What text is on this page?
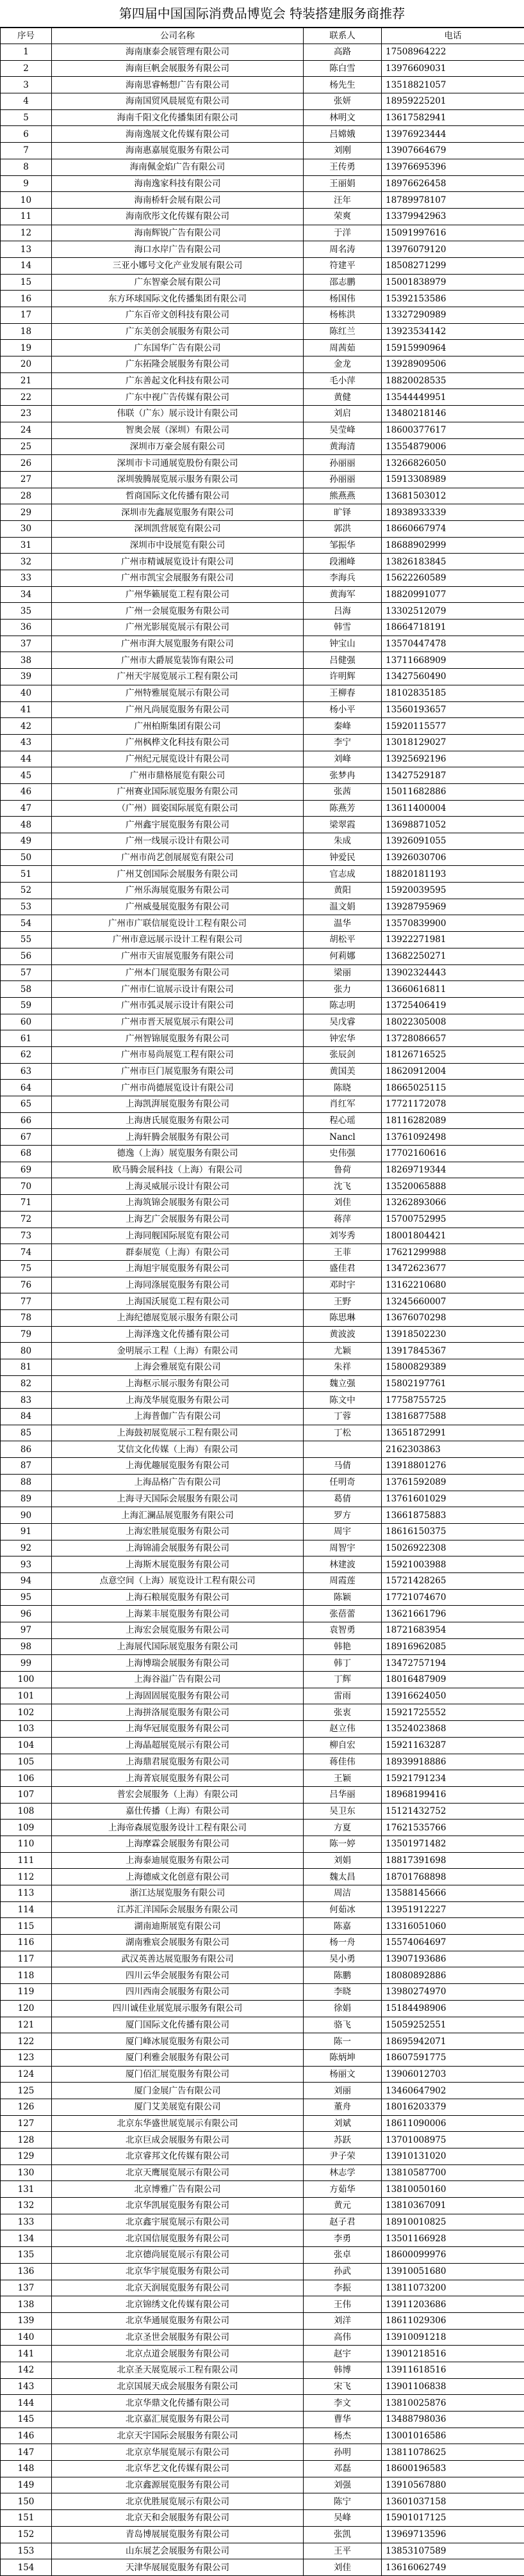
第四届中国国际消费品博览会 特装搭建服务商推荐
序号	公司名称	联系人	电话
1	海南康泰会展管理有限公司	高路	17508964222
2	海南巨帆会展服务有限公司	陈白雪	13976609031
3	海南思睿畅想广告有限公司	杨先生	13518821057
4	海南国贸风晨展览有限公司	张妍	18959225201
5	海南千阳文化传播集团有限公司	林明文	13617582941
6	海南逸展文化传媒有限公司	吕嫦娥	13976923444
7	海南惠嘉展览服务有限公司	刘刚	13907664679
8	海南佩金焰广告有限公司	王传勇	13976695396
9	海南逸家科技有限公司	王丽娟	18976626458
10	海南桥轩会展有限公司	汪年	18789978107
11	海南欣彤文化传媒有限公司	荣爽	13379942963
12	海南辉锐广告有限公司	于洋	15091997616
13	海口水岸广告有限公司	周名涛	13976079120
14	三亚小娜号文化产业发展有限公司	符建平	18508271299
15	广东智豪会展有限公司	邵志鹏	15001838979
16	东方环球国际文化传播集团有限公司	杨国伟	15392153586
17	广东百帝文创科技有限公司	杨栋洪	13327290989
18	广东美创会展服务有限公司	陈红兰	13923534142
19	广东国华广告有限公司	周茜茹	15915990964
20	广东拓隆会展服务有限公司	金龙	13928909506
21	广东善起文化科技有限公司	毛小萍	18820028535
22	广东中视广告传媒有限公司	黄健	13544449951
23	伟联（广东）展示设计有限公司	刘启	13480218146
24	智奥会展（深圳）有限公司	吴莹峰	18600377617
25	深圳市万豪会展有限公司	黄海清	13554879006
26	深圳市卡司通展览股份有限公司	孙丽丽	13266826050
27	深圳骏腾展览展示服务有限公司	孙丽丽	15913308989
28	哲商国际文化传播有限公司	熊燕燕	13681503012
29	深圳市先鑫展览服务有限公司	旷铎	18938933339
30	深圳凯营展览有限公司	郭洪	18660667974
31	深圳市中设展览有限公司	邹振华	18688902999
32	广州市精诚展览设计有限公司	段湘峰	13826183845
33	广州市凯宝会展服务有限公司	李海兵	15622260589
34	广州华籁展览工程有限公司	黄海军	18820991077
35	广州一会展览服务有限公司	吕海	13302512079
36	广州光影展览展示有限公司	韩雪	18664718191
37	广州市湃大展览服务有限公司	钟宝山	13570447478
38	广州市大爵展览装饰有限公司	吕健强	13711668909
39	广州天宇展览展示工程有限公司	许明辉	13427560490
40	广州特雅展览展示有限公司	王柳春	18102835185
41	广州凡尚展览服务有限公司	杨小平	13560193657
42	广州柏斯集团有限公司	秦峰	15920115577
43	广州枫桦文化科技有限公司	李宁	13018129027
44	广州纪元展览设计有限公司	刘峰	13925692196
45	广州市鼎格展览有限公司	张梦冉	13427529187
46	广州赛业国际展览服务有限公司	张茜	15011682886
47	（广州）圆姿国际展览有限公司	陈燕芳	13611400004
48	广州鑫宇展览服务有限公司	梁翠霞	13698871052
49	广州一线展示设计有限公司	朱成	13926091055
50	广州市尚艺创展展览有限公司	钟爱民	13926030706
51	广州艾创国际会展服务有限公司	官志成	18820181193
52	广州乐海展览服务有限公司	黄阳	15920039595
53	广州威曼展览服务有限公司	温文娟	13928795969
54	广州市广联信展览设计工程有限公司	温华	13570839900
55	广州市意远展示设计工程有限公司	胡松平	13922271981
56	广州市天宙展览服务有限公司	何莉娜	13682250271
57	广州本门展览服务有限公司	梁丽	13902324443
58	广州市仁谊展示设计有限公司	张力	13660616811
59	广州市弧灵展示设计有限公司	陈志明	13725406419
60	广州市晋天展览展示有限公司	吴戊睿	18022305008
61	广州智锦展览服务有限公司	钟宏华	13728086657
62	广州市易尚展览工程有限公司	张辰剑	18126716525
63	广州市巨门展览服务有限公司	黄国美	18620912004
64	广州市尚德展览设计有限公司	陈晓	18665025115
65	上海凯湃展览服务有限公司	肖红军	17721172078
66	上海唐氏展览服务有限公司	程心瑶	18116282089
67	上海轩腾会展服务有限公司	Nancl	13761092498
68	德逸（上海）展览服务有限公司	史伟强	17702160616
69	欧马腾会展科技（上海）有限公司	鲁荷	18269719344
70	上海灵威展示设计有限公司	沈飞	13520065888
71	上海筑锦会展服务有限公司	刘佳	13262893066
72	上海艺广会展服务有限公司	蒋萍	15700752995
73	上海同舰国际展览有限公司	刘岑秀	18001804421
74	群泰展览（上海）有限公司	王菲	17621299988
75	上海旭宇展览服务有限公司	盛佳君	13472623677
76	上海同涤展览服务有限公司	邓时宇	13162210680
77	上海国沃展览工程有限公司	王野	13245660007
78	上海纪德展览展示服务有限公司	陈思琳	13676070298
79	上海泽逸文化传播有限公司	黄波波	13918502230
80	金明展示工程（上海）有限公司	尤颖	13917845367
81	上海会雅展览有限公司	朱祥	15800829389
82	上海枢示展示服务有限公司	魏立强	15802197761
83	上海茂华展览服务有限公司	陈文中	17758755725
84	上海普伽广告有限公司	丁蓉	13816877588
85	上海鼓初展览展示工程有限公司	丁松	13651872991
86	艾信文化传媒（上海）有限公司		2162303863
87	上海优趣展览服务有限公司	马倩	13918801276
88	上海品格广告有限公司	任明奇	13761592089
89	上海寻天国际会展服务有限公司	葛倩	13761601029
90	上海汇澜品展览服务有限公司	罗方	13661875883
91	上海宏胜展览服务有限公司	周宇	18616150375
92	上海锦浦会展服务有限公司	周智宇	15026922308
93	上海斯木展览服务有限公司	林建波	15921003988
94	点意空间（上海）展览设计工程有限公司	周霞莲	15721428265
95	上海石粮展览服务有限公司	陈颖	17721074670
96	上海莱丰展览服务有限公司	张蓓蕾	13621661796
97	上海宏会展览服务有限公司	袁智勇	18721683954
98	上海展代国际展览服务有限公司	韩艳	18916962085
99	上海博瑞会展服务有限公司	韩丁	13472757194
100	上海谷溢广告有限公司	丁辉	18016487909
101	上海固固展览服务有限公司	雷雨	13916624050
102	上海拼洛展览服务有限公司	张衷	15921725552
103	上海华冠展览服务有限公司	赵立伟	13524023868
104	上海晶超展览展示有限公司	柳自宏	15921163287
105	上海鼎君展览服务有限公司	蒋佳伟	18939918886
106	上海菁宸展览服务有限公司	王颖	15921791234
107	普宏会展服务（上海）有限公司	吕华丽	18968199416
108	嘉仕传播（上海）有限公司	吴卫东	15121432752
109	上海帝森展览服务设计工程有限公司	方夏	17621535766
110	上海摩霖会展服务有限公司	陈一婷	13501971482
111	上海泰迪展览服务有限公司	刘娟	18817391698
112	上海德威文化创意有限公司	魏太昌	18701768898
113	浙江达展览服务有限公司	周洁	13588145666
114	江苏汇洋国际会展服务有限公司	何茹冰	13951912227
115	湖南迪斯展览有限公司	陈嘉	13316051060
116	湖南雅宸会展服务有限公司	杨一舟	15574064697
117	武汉英善达展览服务有限公司	吴小勇	13907193686
118	四川云华会展服务有限公司	陈鹏	18080892886
119	四川西南会展服务有限公司	李晓	13980274970
120	四川诚佳业展览展示服务有限公司	徐娟	15184498906
121	厦门国际文化传播有限公司	骆飞	15059252551
122	厦门峰冰展览服务有限公司	陈一	18695942071
123	厦门利雅会展服务有限公司	陈炳坤	18607591775
124	厦门佰汇展览服务有限公司	杨丽文	13906012703
125	厦门金展广告有限公司	刘丽	13460647902
126	厦门艾美展览有限公司	董舟	18016203379
127	北京东华盛世展览展示有限公司	刘斌	18611090006
128	北京巨成会展服务有限公司	苏跃	13701008975
129	北京睿邦文化传媒有限公司	尹子荣	13910131020
130	北京天鹰展览展示有限公司	林志学	13810587700
131	北京博雅广告有限公司	方茹华	13810050160
132	北京华凯展览服务有限公司	黄元	13810367091
133	北京鑫宇展览展示有限公司	赵子君	18910010825
134	北京国信展览服务有限公司	李勇	13501166928
135	北京德尚展览展示有限公司	张卓	18600099976
136	北京华宇展览服务有限公司	孙武	13910051680
137	北京天润展览服务有限公司	李振	13811073200
138	北京锦绣文化传媒有限公司	王伟	13911203686
139	北京华通展览服务有限公司	刘洋	18611029306
140	北京圣世会展服务有限公司	高伟	13910091218
141	北京点道会展服务有限公司	赵宇	13901218516
142	北京圣天展览展示工程有限公司	韩博	13911618516
143	北京国展天成会展服务有限公司	宋飞	13901106838
144	北京华鼎文化传播有限公司	李文	13810025876
145	北京嘉汇展览服务有限公司	曹华	13488798036
146	北京天宇国际会展服务有限公司	杨杰	13001016586
147	北京京华展览展示有限公司	孙明	13811078625
148	北京华艺文化传媒有限公司	邓磊	18600196583
149	北京鑫源展览服务有限公司	刘强	13910567880
150	北京优胜展览展示有限公司	陈宁	13601037158
151	北京天和会展服务有限公司	吴峰	15901017125
152	青岛博展展览服务有限公司	张凯	13969713596
153	山东展艺会展服务有限公司	王平	13853107589
154	天津华展展览服务有限公司	刘佳	13616062749
